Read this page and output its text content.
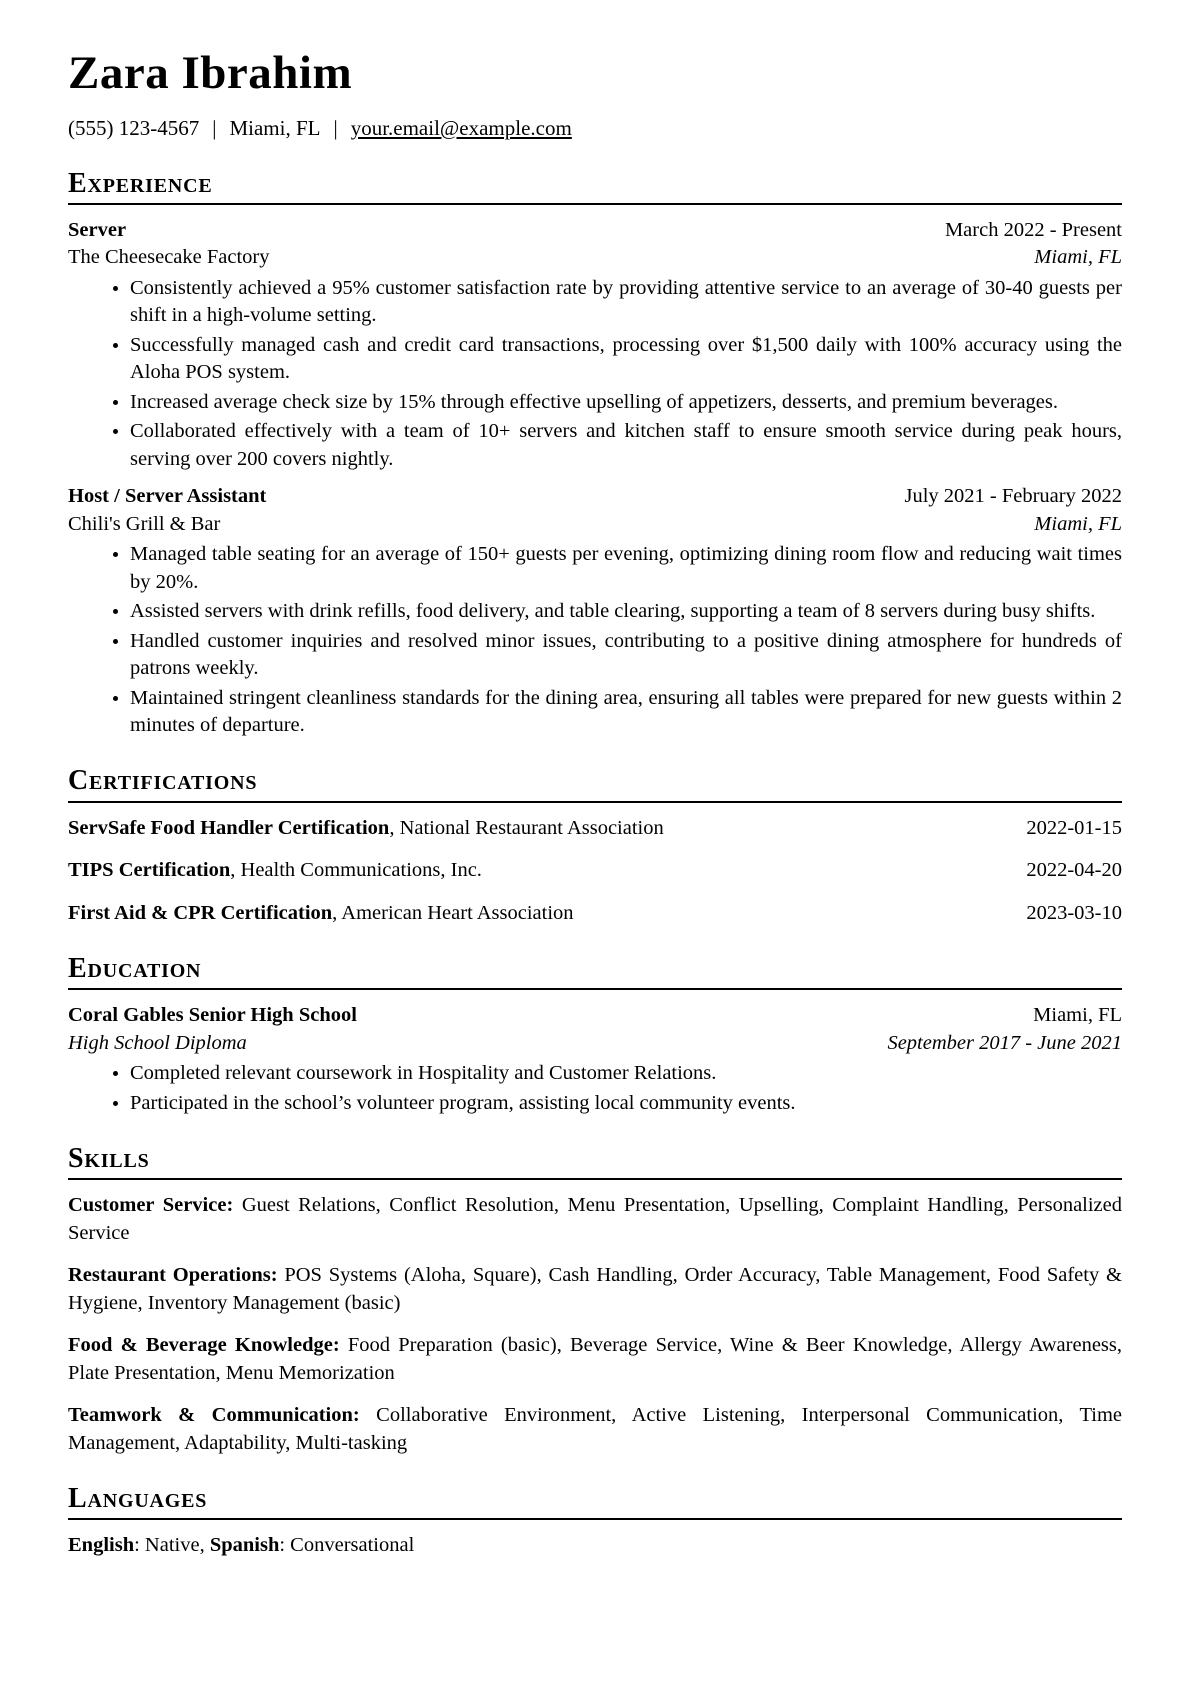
Zara Ibrahim
(555) 123-4567 | Miami, FL | your.email@example.com
Experience
Server	March 2022 - Present
The Cheesecake Factory	Miami, FL
• Consistently achieved a 95% customer satisfaction rate by providing attentive service to an average of 30-40 guests per shift in a high-volume setting.
• Successfully managed cash and credit card transactions, processing over $1,500 daily with 100% accuracy using the Aloha POS system.
• Increased average check size by 15% through effective upselling of appetizers, desserts, and premium beverages.
• Collaborated effectively with a team of 10+ servers and kitchen staff to ensure smooth service during peak hours, serving over 200 covers nightly.
Host / Server Assistant	July 2021 - February 2022
Chili's Grill & Bar	Miami, FL
• Managed table seating for an average of 150+ guests per evening, optimizing dining room flow and reducing wait times by 20%.
• Assisted servers with drink refills, food delivery, and table clearing, supporting a team of 8 servers during busy shifts.
• Handled customer inquiries and resolved minor issues, contributing to a positive dining atmosphere for hundreds of patrons weekly.
• Maintained stringent cleanliness standards for the dining area, ensuring all tables were prepared for new guests within 2 minutes of departure.
Certifications
ServSafe Food Handler Certification, National Restaurant Association	2022-01-15
TIPS Certification, Health Communications, Inc.	2022-04-20
First Aid & CPR Certification, American Heart Association	2023-03-10
Education
Coral Gables Senior High School	Miami, FL
High School Diploma	September 2017 - June 2021
• Completed relevant coursework in Hospitality and Customer Relations.
• Participated in the school’s volunteer program, assisting local community events.
Skills

Customer Service: Guest Relations, Conflict Resolution, Menu Presentation, Upselling, Complaint Handling, Personalized Service

Restaurant Operations: POS Systems (Aloha, Square), Cash Handling, Order Accuracy, Table Management, Food Safety & Hygiene, Inventory Management (basic)

Food & Beverage Knowledge: Food Preparation (basic), Beverage Service, Wine & Beer Knowledge, Allergy Awareness, Plate Presentation, Menu Memorization

Teamwork & Communication: Collaborative Environment, Active Listening, Interpersonal Communication, Time Management, Adaptability, Multi-tasking

Languages

English: Native, Spanish: Conversational
